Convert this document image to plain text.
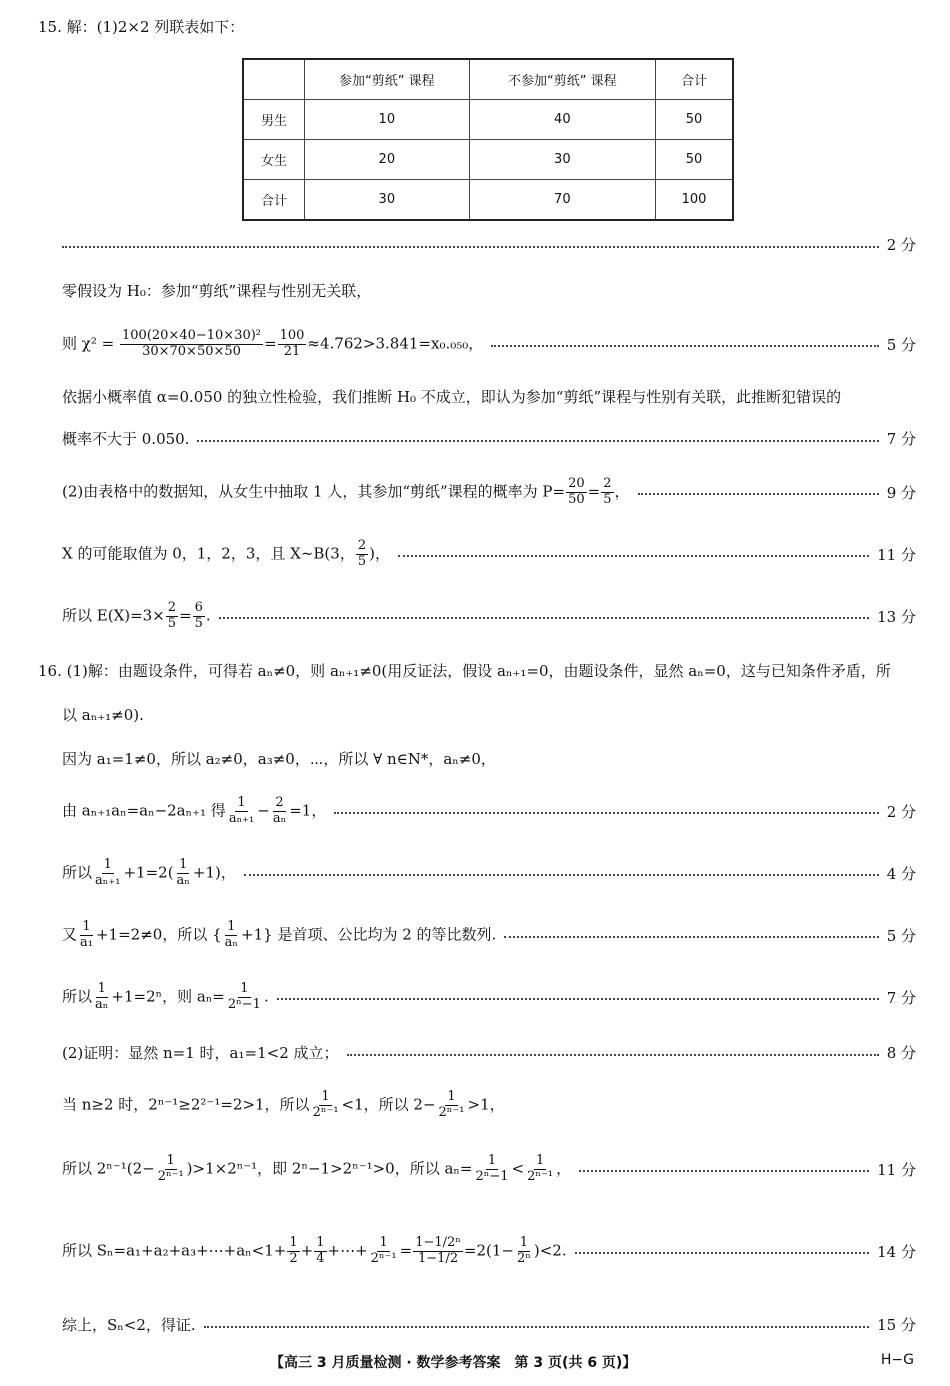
15. 解：(1)2×2 列联表如下：
	参加“剪纸” 课程	不参加“剪纸” 课程	合计
男生	10	40	50
女生	20	30	50
合计	30	70	100
2 分
零假设为 H₀：参加“剪纸”课程与性别无关联，
则 $\chi^2 = \frac{\text{100(20×40−10×30)²}}{30\times 70\times 50\times 50} = \frac{100}{21} \approx 4.762>3.841=x_0._{050}$，	5 分
依据小概率值 α=0.050 的独立性检验，我们推断 H₀ 不成立，即认为参加“剪纸”课程与性别有关联，此推断犯错误的
概率不大于 0.050.	7 分
(2)由表格中的数据知，从女生中抽取 1 人，其参加“剪纸”课程的概率为 $P= \frac{20}{50} = \frac{2}{5}$ ，	9 分
X 的可能取值为 0，1，2，3，且 X∼B(3， $\frac{2}{5}$ )，	11 分
所以 $E(X)=3\times \frac{2}{5} = \frac{6}{5}$ .	13 分
16. (1)解：由题设条件，可得若 aₙ≠0，则 aₙ₊₁≠0(用反证法，假设 aₙ₊₁=0，由题设条件，显然 aₙ=0，这与已知条件矛盾，所
以 aₙ₊₁≠0).
因为 a₁=1≠0，所以 a₂≠0，a₃≠0，⋯，所以 ∀ n∈N*，aₙ≠0，
由 aₙ₊₁aₙ=aₙ−2aₙ₊₁ 得 $\frac{1}{\text{aₙ₊₁}} - \frac{2}{\text{aₙ}} =1$，	2 分
所以 $\frac{1}{\text{aₙ₊₁}} +1=2( \frac{1}{\text{aₙ}} +1)$，	4 分
又 $\frac{1}{\text{a₁}} +1=2\ne 0$，所以 { $\frac{1}{\text{aₙ}} +1$} 是首项、公比均为 2 的等比数列.	5 分
所以 $\frac{1}{\text{aₙ}} +1=2^n$，则 $a_n= \frac{1}{\text{2ⁿ−1}}$ .	7 分
(2)证明：显然 n=1 时，a₁=1<2 成立；	8 分
当 n≥2 时，2ⁿ⁻¹≥2²⁻¹=2>1，所以 $\frac{1}{\text{2ⁿ⁻¹}} <1$，所以 $2- \frac{1}{\text{2ⁿ⁻¹}} >1$，
所以 $2^{n-1}(2- \frac{1}{\text{2ⁿ⁻¹}} )>1\times 2^{n-1}$，即 2ⁿ−1>2ⁿ⁻¹>0，所以 $a_n= \frac{1}{\text{2ⁿ−1}} < \frac{1}{\text{2ⁿ⁻¹}}$ ，	11 分
所以 Sₙ=a₁+a₂+a₃+⋯+aₙ<1+ $\frac{1}{2} + \frac{1}{4}$ +⋯+ $\frac{1}{\text{2ⁿ⁻¹}} = \frac{\text{1−1/2ⁿ}}{1-1/2} =2(1- \frac{1}{\text{2ⁿ}} )<2$.	14 分
综上，Sₙ<2，得证.	15 分
【高三 3 月质量检测 · 数学参考答案　第 3 页(共 6 页)】	H−G
